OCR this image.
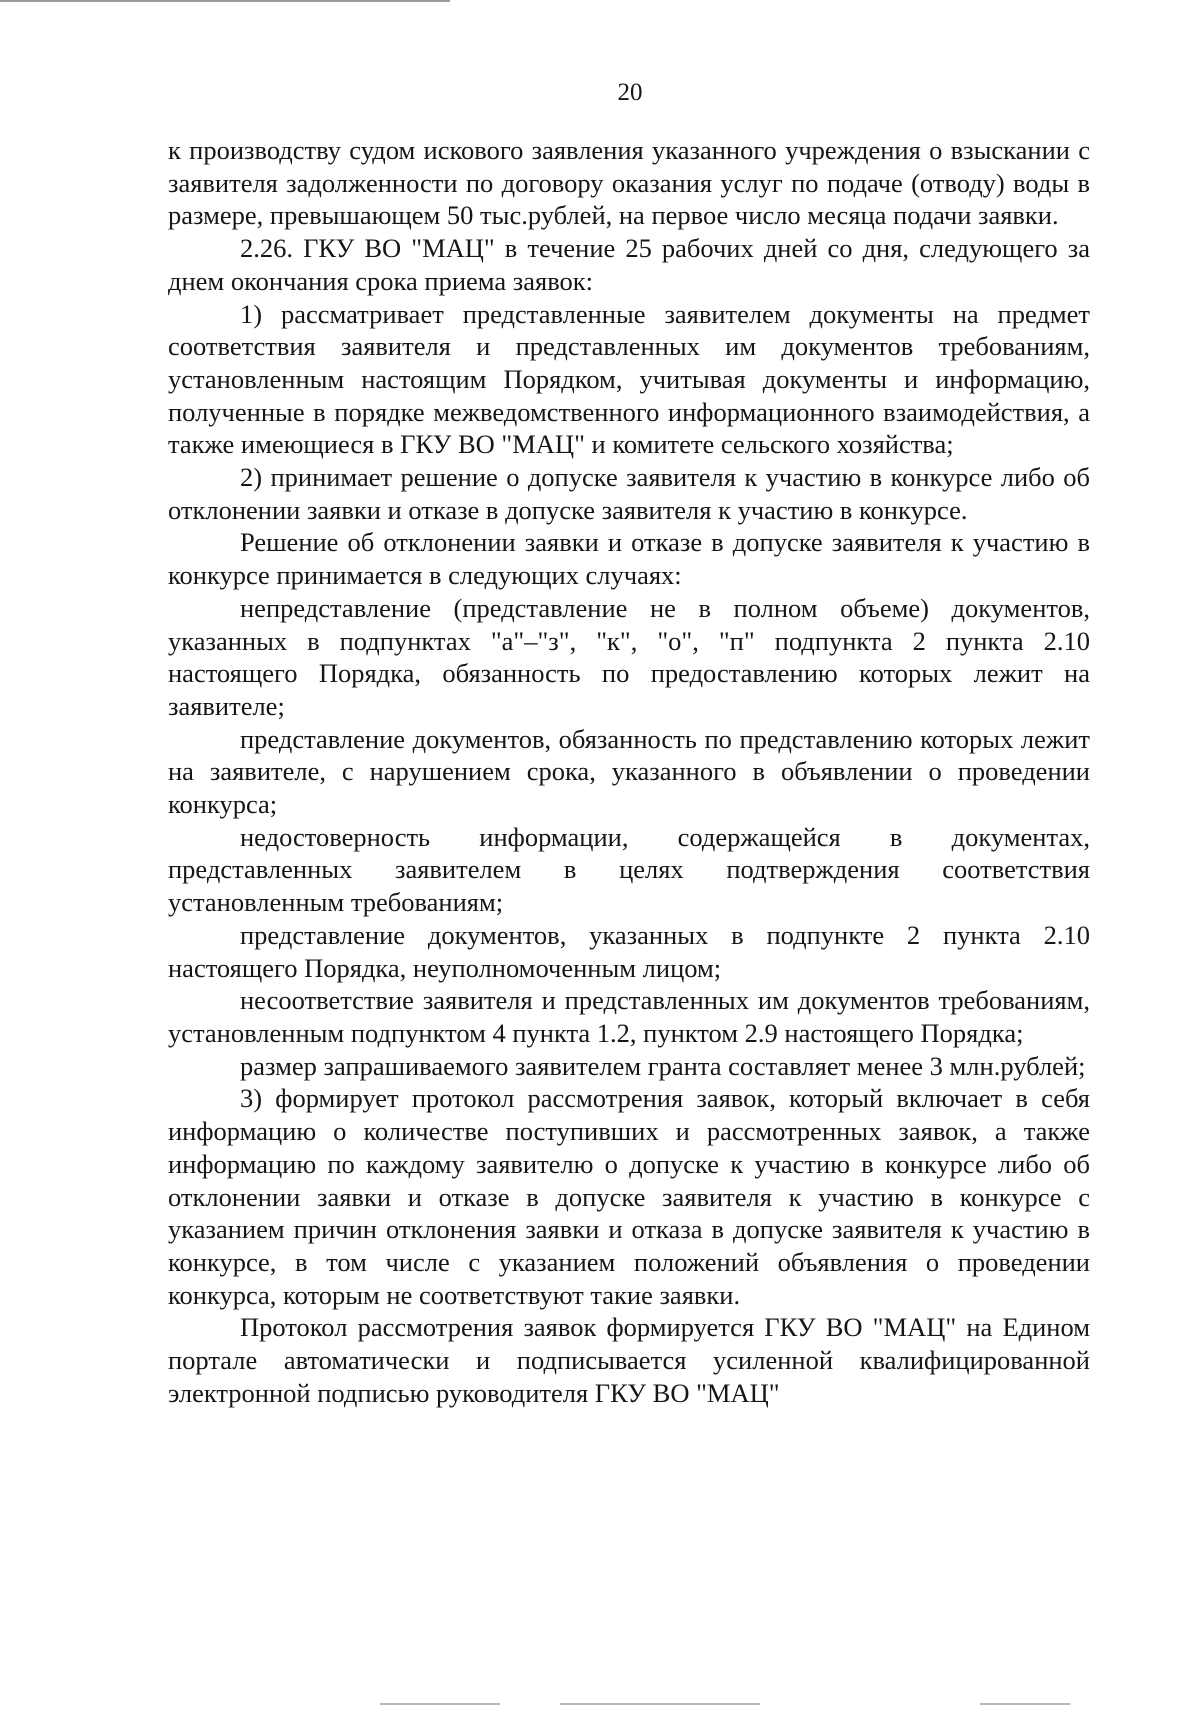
20

к производству судом искового заявления указанного учреждения о взыскании с заявителя задолженности по договору оказания услуг по подаче (отводу) воды в размере, превышающем 50 тыс.рублей, на первое число месяца подачи заявки.

2.26. ГКУ ВО "МАЦ" в течение 25 рабочих дней со дня, следующего за днем окончания срока приема заявок:

1) рассматривает представленные заявителем документы на предмет соответствия заявителя и представленных им документов требованиям, установленным настоящим Порядком, учитывая документы и информацию, полученные в порядке межведомственного информационного взаимодействия, а также имеющиеся в ГКУ ВО "МАЦ" и комитете сельского хозяйства;

2) принимает решение о допуске заявителя к участию в конкурсе либо об отклонении заявки и отказе в допуске заявителя к участию в конкурсе.

Решение об отклонении заявки и отказе в допуске заявителя к участию в конкурсе принимается в следующих случаях:

непредставление (представление не в полном объеме) документов, указанных в подпунктах "а"–"з", "к", "о", "п" подпункта 2 пункта 2.10 настоящего Порядка, обязанность по предоставлению которых лежит на заявителе;

представление документов, обязанность по представлению которых лежит на заявителе, с нарушением срока, указанного в объявлении о проведении конкурса;

недостоверность информации, содержащейся в документах, представленных заявителем в целях подтверждения соответствия установленным требованиям;

представление документов, указанных в подпункте 2 пункта 2.10 настоящего Порядка, неуполномоченным лицом;

несоответствие заявителя и представленных им документов требованиям, установленным подпунктом 4 пункта 1.2, пунктом 2.9 настоящего Порядка;

размер запрашиваемого заявителем гранта составляет менее 3 млн.рублей;

3) формирует протокол рассмотрения заявок, который включает в себя информацию о количестве поступивших и рассмотренных заявок, а также информацию по каждому заявителю о допуске к участию в конкурсе либо об отклонении заявки и отказе в допуске заявителя к участию в конкурсе с указанием причин отклонения заявки и отказа в допуске заявителя к участию в конкурсе, в том числе с указанием положений объявления о проведении конкурса, которым не соответствуют такие заявки.

Протокол рассмотрения заявок формируется ГКУ ВО "МАЦ" на Едином портале автоматически и подписывается усиленной квалифицированной электронной подписью руководителя ГКУ ВО "МАЦ"
